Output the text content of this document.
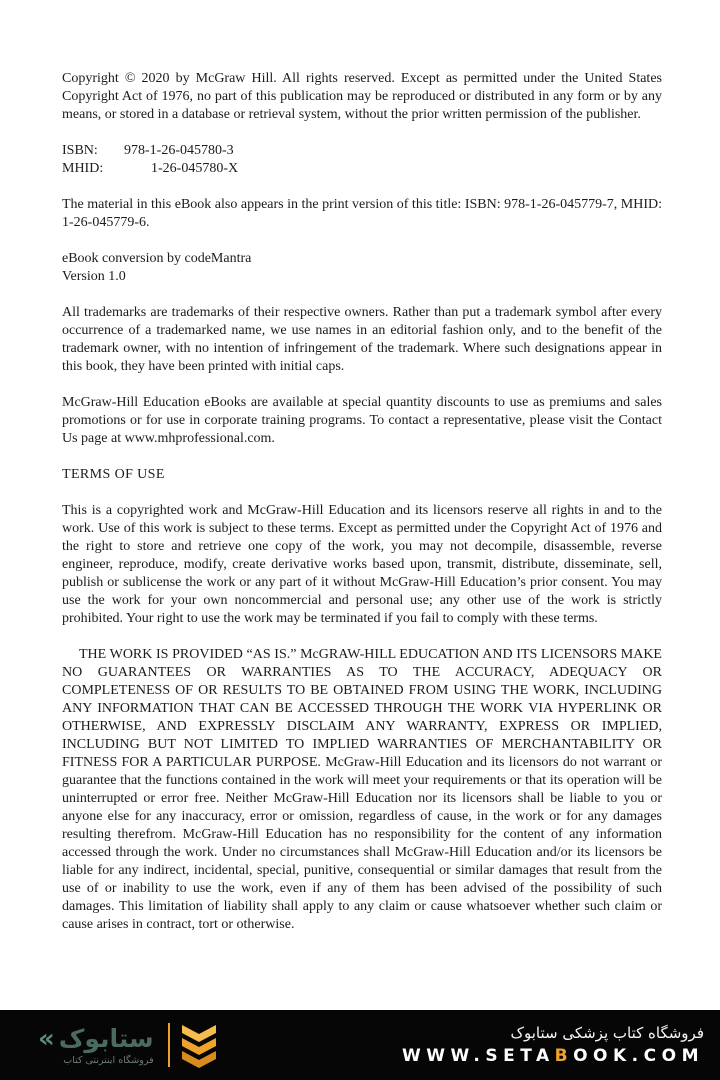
Copyright © 2020 by McGraw Hill. All rights reserved. Except as permitted under the United States Copyright Act of 1976, no part of this publication may be reproduced or distributed in any form or by any means, or stored in a database or retrieval system, without the prior written permission of the publisher.

ISBN: 978-1-26-045780-3
MHID:	1-26-045780-X

The material in this eBook also appears in the print version of this title: ISBN: 978-1-26-045779-7, MHID: 1-26-045779-6.

eBook conversion by codeMantra
Version 1.0

All trademarks are trademarks of their respective owners. Rather than put a trademark symbol after every occurrence of a trademarked name, we use names in an editorial fashion only, and to the benefit of the trademark owner, with no intention of infringement of the trademark. Where such designations appear in this book, they have been printed with initial caps.

McGraw-Hill Education eBooks are available at special quantity discounts to use as premiums and sales promotions or for use in corporate training programs. To contact a representative, please visit the Contact Us page at www.mhprofessional.com.

TERMS OF USE

This is a copyrighted work and McGraw-Hill Education and its licensors reserve all rights in and to the work. Use of this work is subject to these terms. Except as permitted under the Copyright Act of 1976 and the right to store and retrieve one copy of the work, you may not decompile, disassemble, reverse engineer, reproduce, modify, create derivative works based upon, transmit, distribute, disseminate, sell, publish or sublicense the work or any part of it without McGraw-Hill Education’s prior consent. You may use the work for your own noncommercial and personal use; any other use of the work is strictly prohibited. Your right to use the work may be terminated if you fail to comply with these terms.

THE WORK IS PROVIDED “AS IS.” McGRAW-HILL EDUCATION AND ITS LICENSORS MAKE NO GUARANTEES OR WARRANTIES AS TO THE ACCURACY, ADEQUACY OR COMPLETENESS OF OR RESULTS TO BE OBTAINED FROM USING THE WORK, INCLUDING ANY INFORMATION THAT CAN BE ACCESSED THROUGH THE WORK VIA HYPERLINK OR OTHERWISE, AND EXPRESSLY DISCLAIM ANY WARRANTY, EXPRESS OR IMPLIED, INCLUDING BUT NOT LIMITED TO IMPLIED WARRANTIES OF MERCHANTABILITY OR FITNESS FOR A PARTICULAR PURPOSE. McGraw-Hill Education and its licensors do not warrant or guarantee that the functions contained in the work will meet your requirements or that its operation will be uninterrupted or error free. Neither McGraw-Hill Education nor its licensors shall be liable to you or anyone else for any inaccuracy, error or omission, regardless of cause, in the work or for any damages resulting therefrom. McGraw-Hill Education has no responsibility for the content of any information accessed through the work. Under no circumstances shall McGraw-Hill Education and/or its licensors be liable for any indirect, incidental, special, punitive, consequential or similar damages that result from the use of or inability to use the work, even if any of them has been advised of the possibility of such damages. This limitation of liability shall apply to any claim or cause whatsoever whether such claim or cause arises in contract, tort or otherwise.

« ستابوک
فروشگاه اینترنتی کتاب
فروشگاه کتاب پزشکی ستابوک
WWW.SETABOOK.COM
